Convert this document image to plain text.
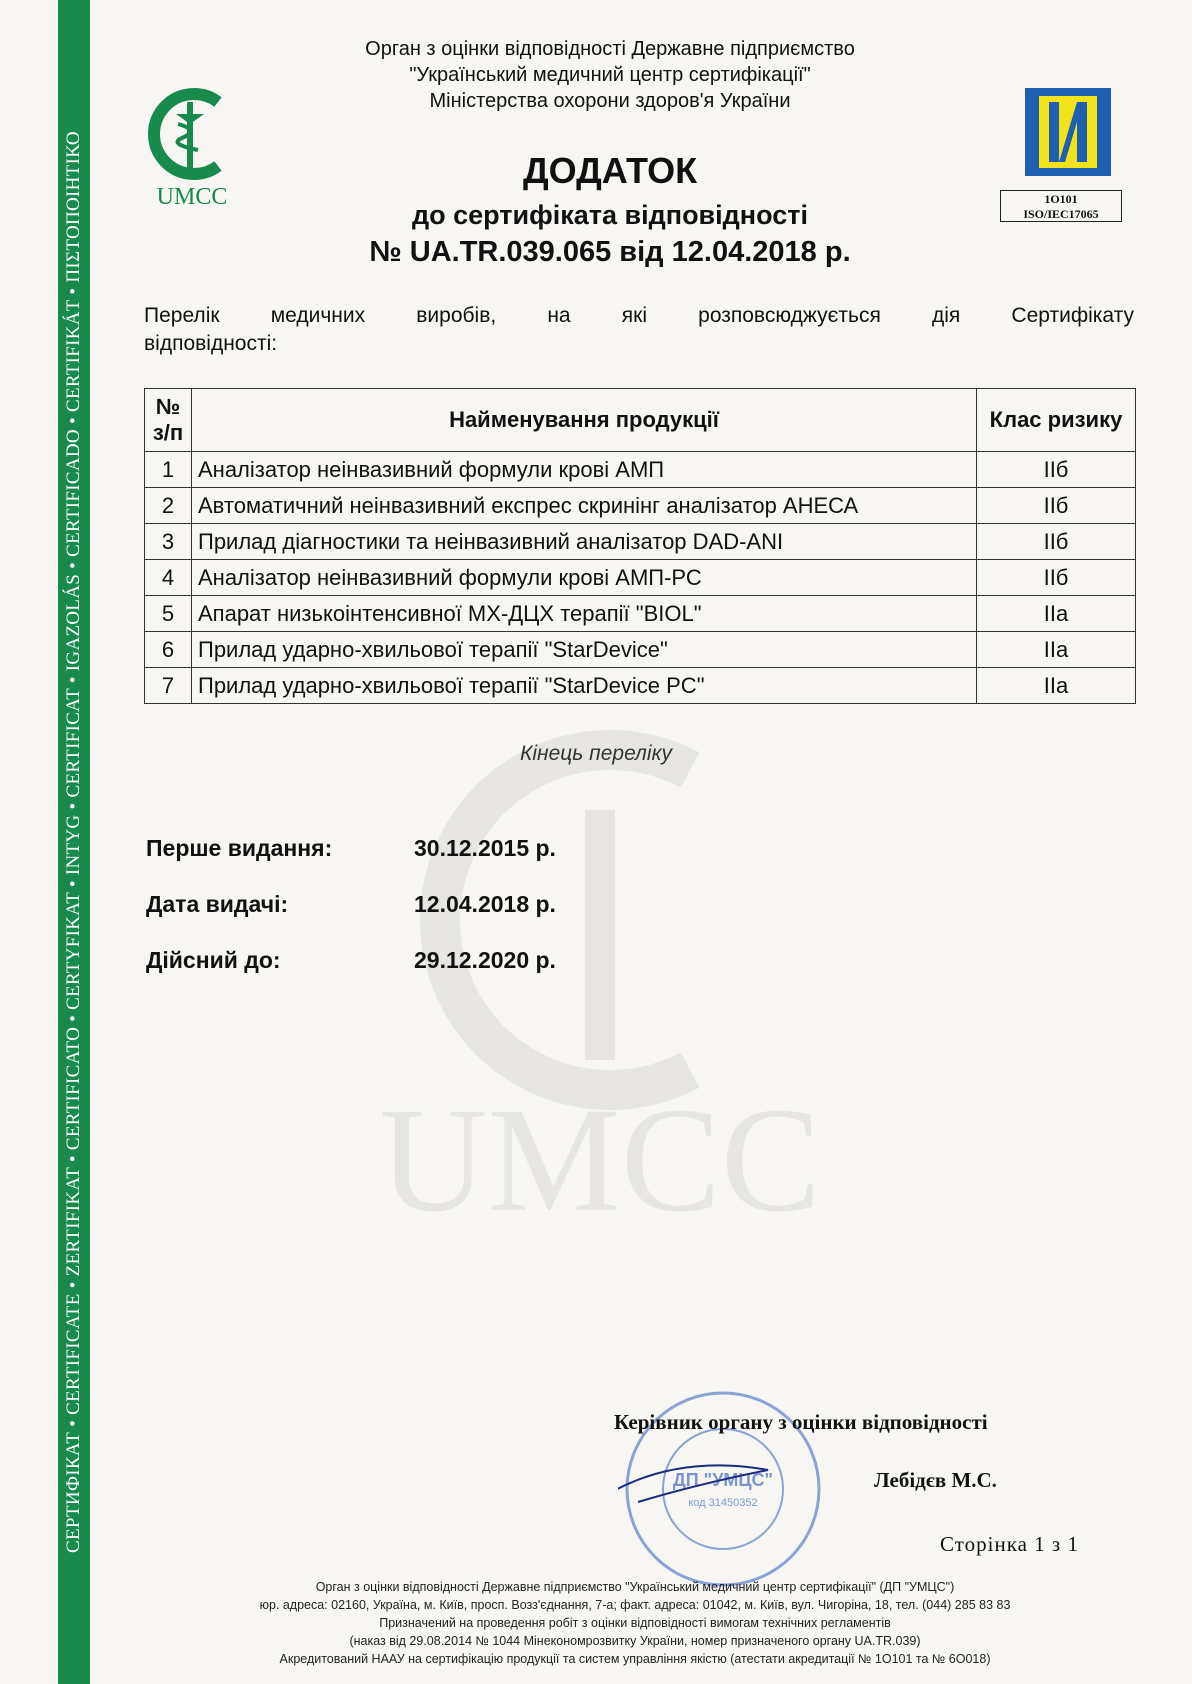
СЕРТИФІКАТ • CERTIFICATE • ZERTIFIKAT • CERTIFICATO • CERTYFIKAT • INTYG • CERTIFICAT • IGAZOLÁS • CERTIFICADO • CERTIFIKÁT • ΠΙΣΤΟΠΟΙΗΤΙΚΟ UMCC
UMCC	1O101
ISO/IEC17065
Орган з оцінки відповідності Державне підприємство
"Український медичний центр сертифікації"
Міністерства охорони здоров'я України
ДОДАТОК
до сертифіката відповідності
№ UA.TR.039.065 від 12.04.2018 р.
Перелік медичних виробів, на які розповсюджується дія Сертифікату
відповідності:
№ з/п	Найменування продукції	Клас ризику
1	Аналізатор неінвазивний формули крові АМП	ІІб
2	Автоматичний неінвазивний експрес скринінг аналізатор АНЕСА	ІІб
3	Прилад діагностики та неінвазивний аналізатор DAD-ANI	ІІб
4	Аналізатор неінвазивний формули крові АМП-РС	ІІб
5	Апарат низькоінтенсивної МХ-ДЦХ терапії "BIOL"	ІІа
6	Прилад ударно-хвильової терапії "StarDevice"	ІІа
7	Прилад ударно-хвильової терапії "StarDevice PC"	ІІа
Кінець переліку
Перше видання:	30.12.2015 р.
Дата видачі:	12.04.2018 р.
Дійсний до:	29.12.2020 р.
ДП "УМЦС"
код 31450352
Керівник органу з оцінки відповідності
Лебідєв М.С.
Сторінка 1 з 1
Орган з оцінки відповідності Державне підприємство "Український медичний центр сертифікації" (ДП "УМЦС")
юр. адреса: 02160, Україна, м. Київ, просп. Возз'єднання, 7-а; факт. адреса: 01042, м. Київ, вул. Чигоріна, 18, тел. (044) 285 83 83
Призначений на проведення робіт з оцінки відповідності вимогам технічних регламентів
(наказ від 29.08.2014 № 1044 Мінекономрозвитку України, номер призначеного органу UA.TR.039)
Акредитований НААУ на сертифікацію продукції та систем управління якістю (атестати акредитації № 1О101 та № 6О018)
